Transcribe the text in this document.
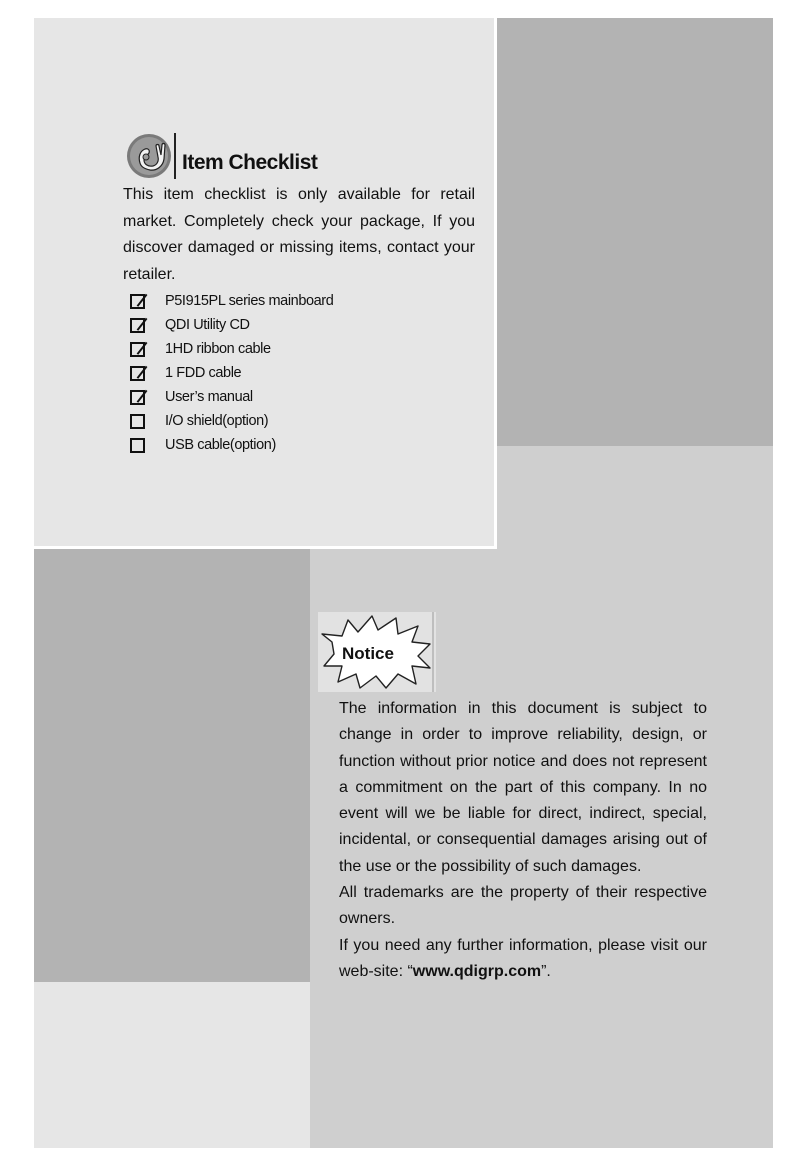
Item Checklist
This item checklist is only available for retail market. Completely check your package, If you discover damaged or missing items, contact your retailer.
P5I915PL series mainboard
QDI Utility CD
1HD ribbon cable
1 FDD cable
User’s manual
I/O shield(option)
USB cable(option)
Notice

The information in this document is subject to change in order to improve reliability, design, or function without prior notice and does not represent a commitment on the part of this company. In no event will we be liable for direct, indirect, special, incidental, or consequential damages arising out of the use or the possibility of such damages.

All trademarks are the property of their respective owners.

If you need any further information, please visit our web-site: “www.qdigrp.com”.
